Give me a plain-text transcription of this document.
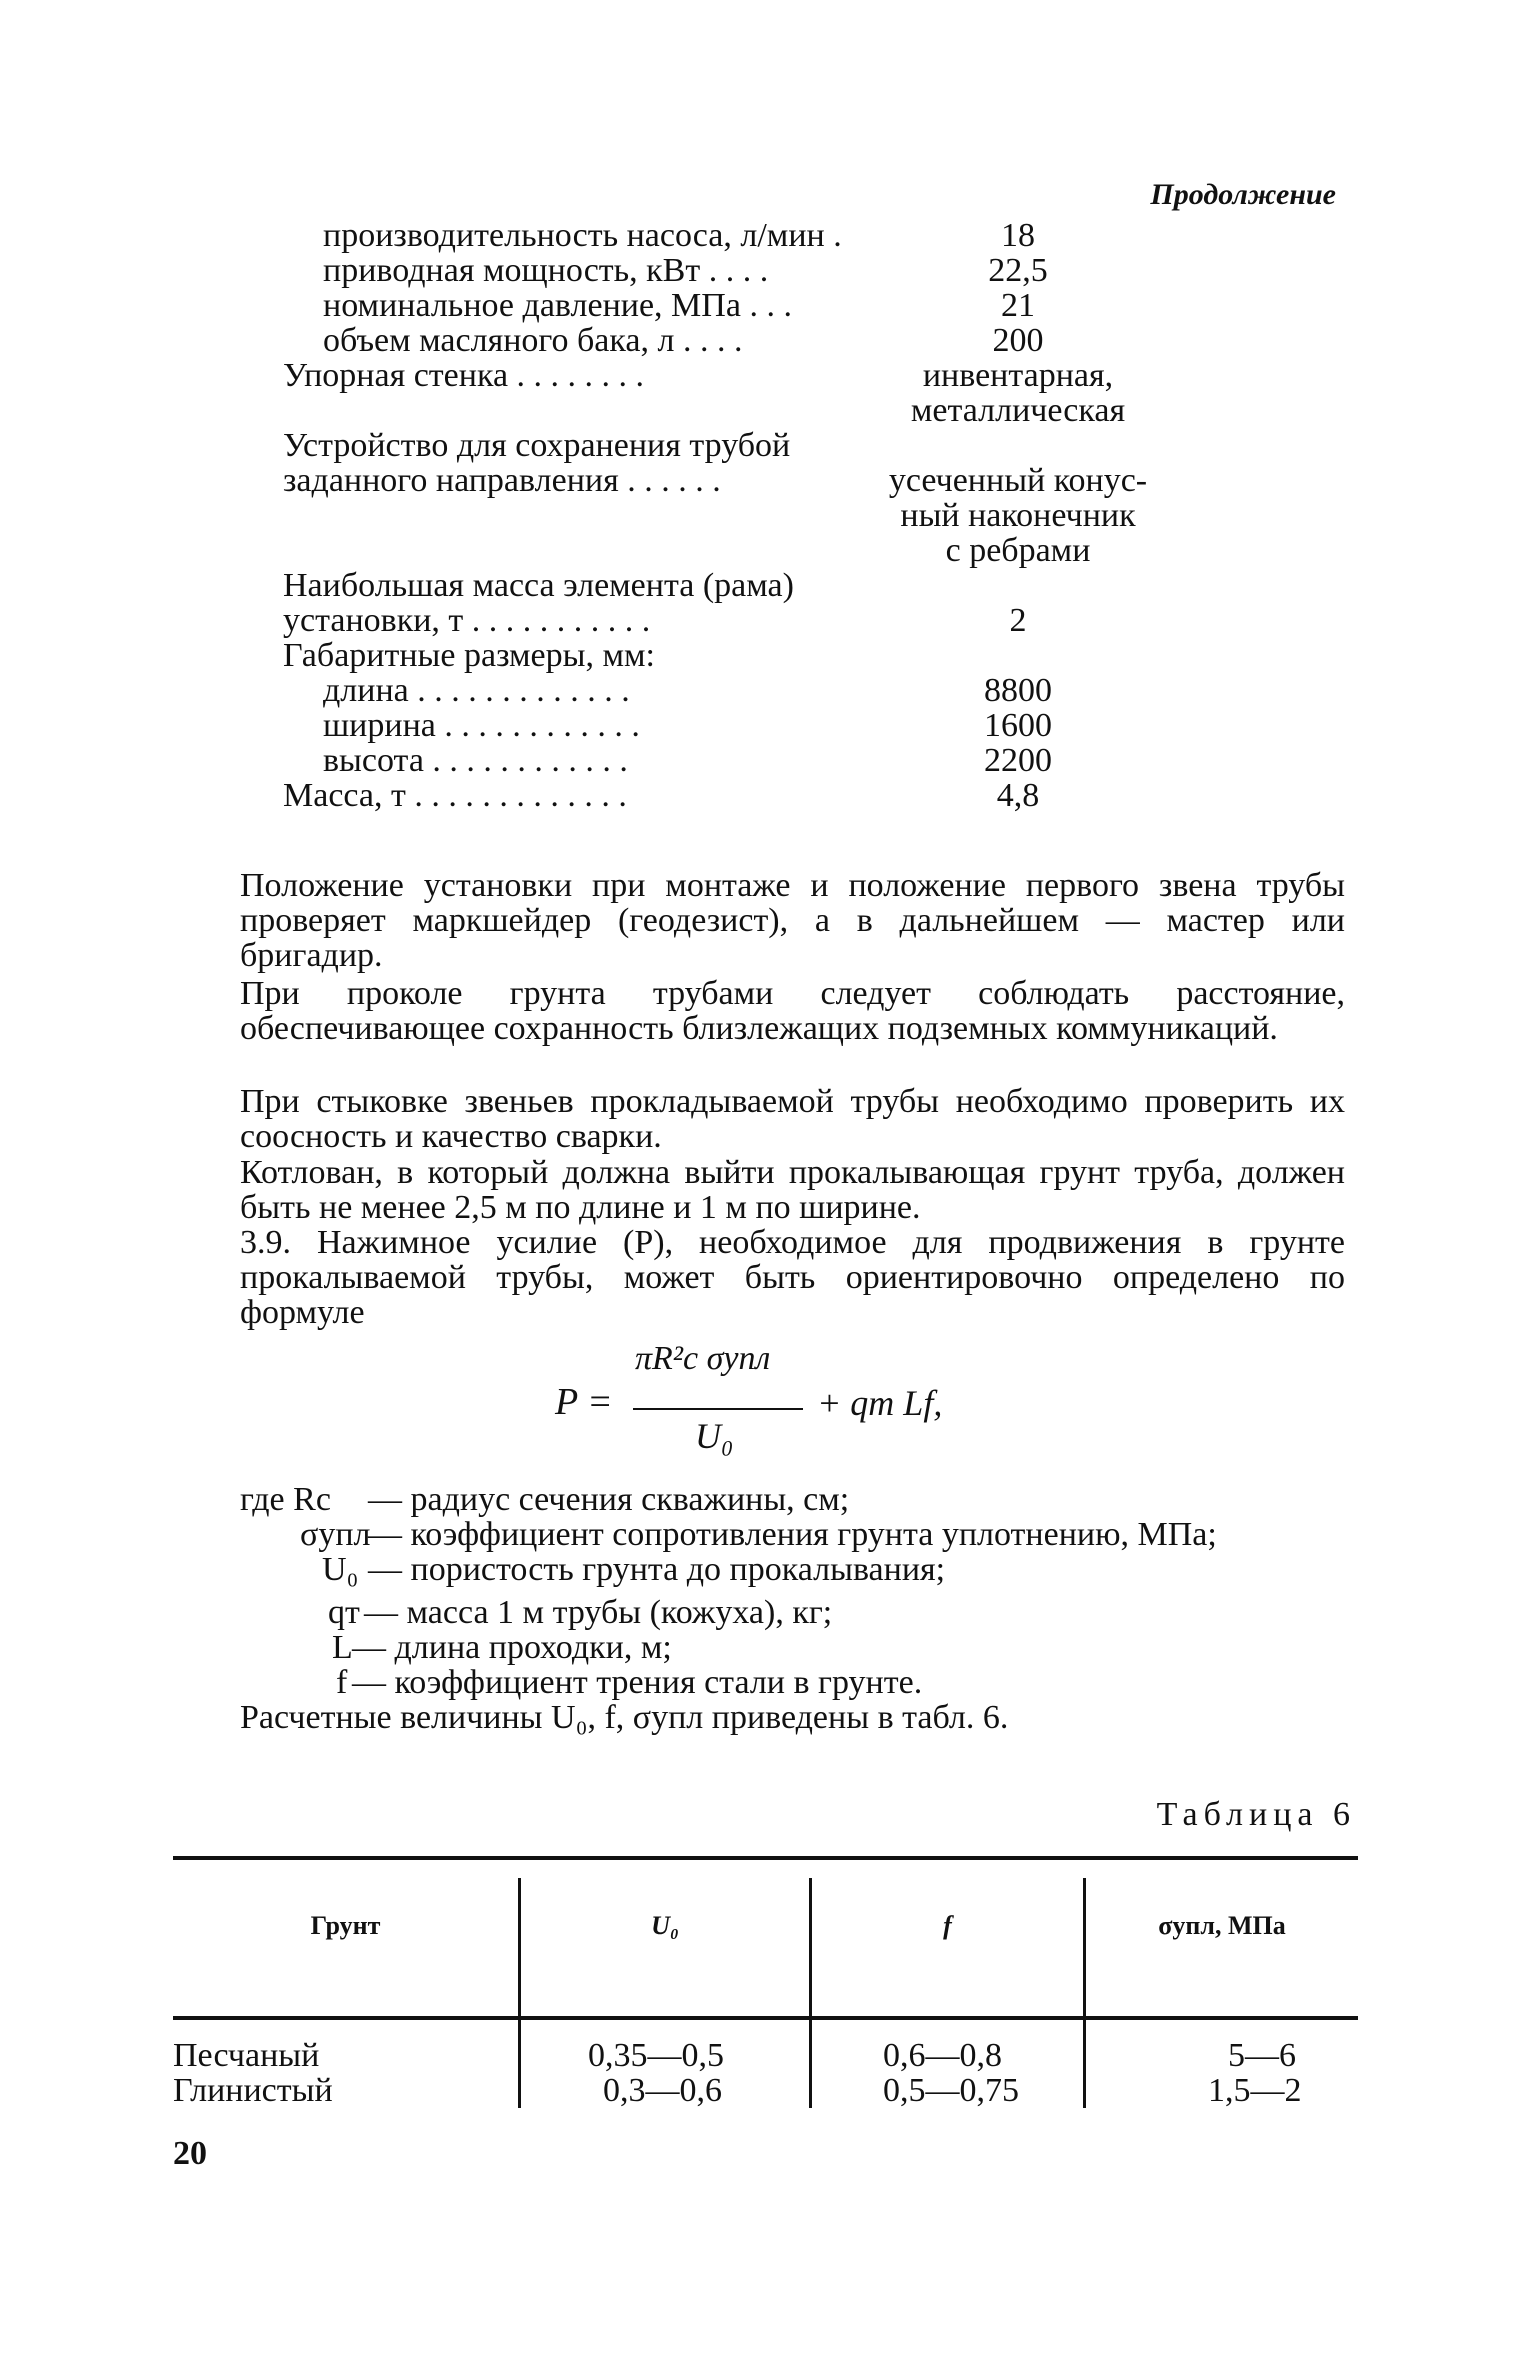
Продолжение
производительность насоса, л/мин .	18
приводная мощность, кВт . . . .	22,5
номинальное давление, МПа . . .	21
объем масляного бака, л . . . .	200
Упорная стенка . . . . . . . .	инвентарная,
металлическая
Устройство для сохранения трубой
заданного направления . . . . . .	усеченный конус-
ный наконечник
с ребрами
Наибольшая масса элемента (рама)
установки, т . . . . . . . . . . .	2
Габаритные размеры, мм:
длина . . . . . . . . . . . . .	8800
ширина . . . . . . . . . . . .	1600
высота . . . . . . . . . . . .	2200
Масса, т . . . . . . . . . . . . .	4,8

Положение установки при монтаже и положение первого звена трубы проверяет маркшейдер (геодезист), а в дальнейшем — мастер или бригадир.

При проколе грунта трубами следует соблюдать расстояние, обеспечивающее сохранность близлежащих подземных коммуникаций.

При стыковке звеньев прокладываемой трубы необходимо проверить их соосность и качество сварки.

Котлован, в который должна выйти прокалывающая грунт труба, должен быть не менее 2,5 м по длине и 1 м по ширине.

3.9. Нажимное усилие (P), необходимое для продвижения в грунте прокалываемой трубы, может быть ориентировочно определено по формуле

P =
πR²c σупл
U₀
+ qт Lf,
где Rc — радиус сечения скважины, см;
σупл
— коэффициент сопротивления грунта уплотнению, МПа;
U₀ — пористость грунта до прокалывания;
qт — масса 1 м трубы (кожуха), кг;
L — длина проходки, м;
f — коэффициент трения стали в грунте.
Расчетные величины U₀, f, σупл приведены в табл. 6.
Таблица 6
Грунт	U₀	f	σупл, МПа
Песчаный	0,35—0,5	0,6—0,8	5—6
Глинистый	0,3—0,6	0,5—0,75	1,5—2
20
